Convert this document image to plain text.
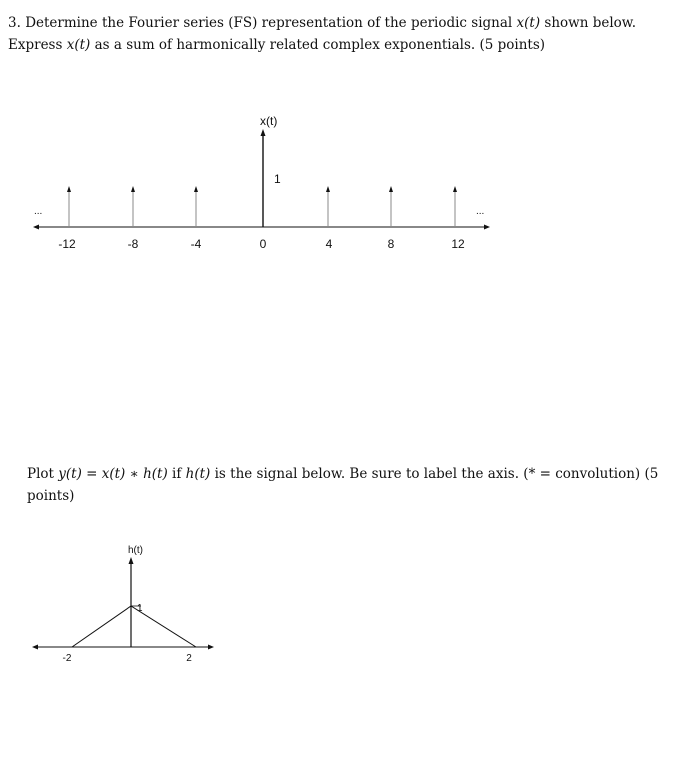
3. Determine the Fourier series (FS) representation of the periodic signal x(t) shown below. Express x(t) as a sum of harmonically related complex exponentials. (5 points)
x(t)
1
...	...
-12	-8	-4	0	4	8	12
h(t)
1
-2	2
Plot y(t) = x(t) ∗ h(t) if h(t) is the signal below. Be sure to label the axis. (* = convolution) (5 points)
